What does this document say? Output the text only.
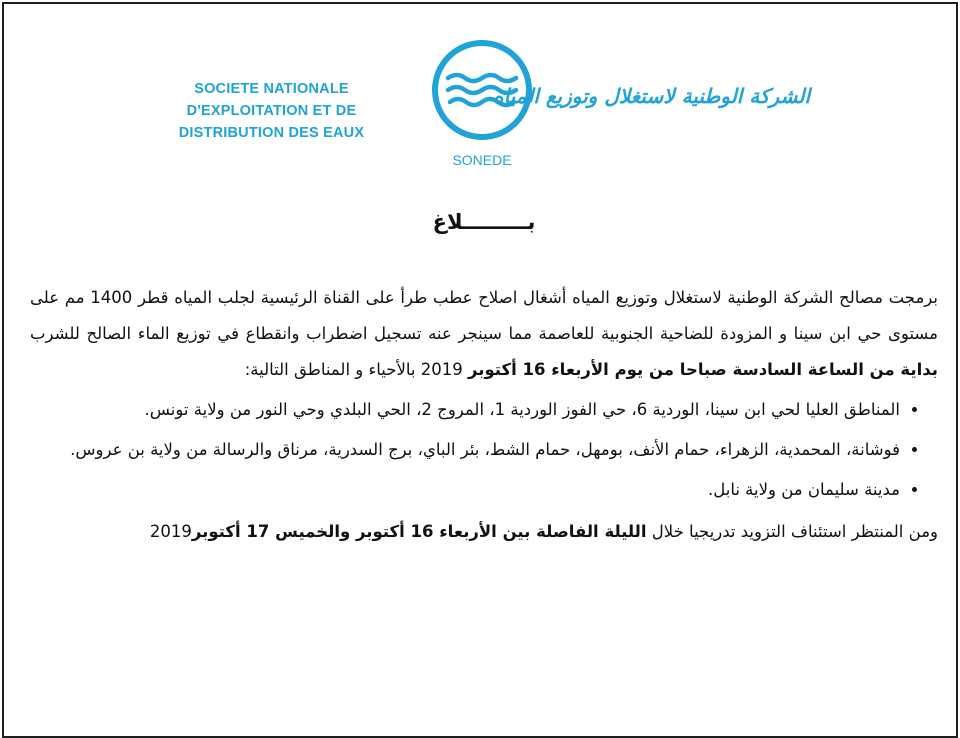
SOCIETE NATIONALE D'EXPLOITATION ET DE DISTRIBUTION DES EAUX
SONEDE
الشركة الوطنية لاستغلال وتوزيع المياه
بـــــــــلاغ

برمجت مصالح الشركة الوطنية لاستغلال وتوزيع المياه أشغال اصلاح عطب طرأ على القناة الرئيسية لجلب المياه قطر 1400 مم على مستوى حي ابن سينا و المزودة للضاحية الجنوبية للعاصمة مما سينجر عنه تسجيل اضطراب وانقطاع في توزيع الماء الصالح للشرب بداية من الساعة السادسة صباحا من يوم الأربعاء 16 أكتوبر 2019 بالأحياء و المناطق التالية:

• المناطق العليا لحي ابن سينا، الوردية 6، حي الفوز الوردية 1، المروج 2، الحي البلدي وحي النور من ولاية تونس.
• فوشانة، المحمدية، الزهراء، حمام الأنف، بومهل، حمام الشط، بئر الباي، برج السدرية، مرناق والرسالة من ولاية بن عروس.
• مدينة سليمان من ولاية نابل.

ومن المنتظر استئناف التزويد تدريجيا خلال الليلة الفاصلة بين الأربعاء 16 أكتوبر والخميس 17 أكتوبر2019
